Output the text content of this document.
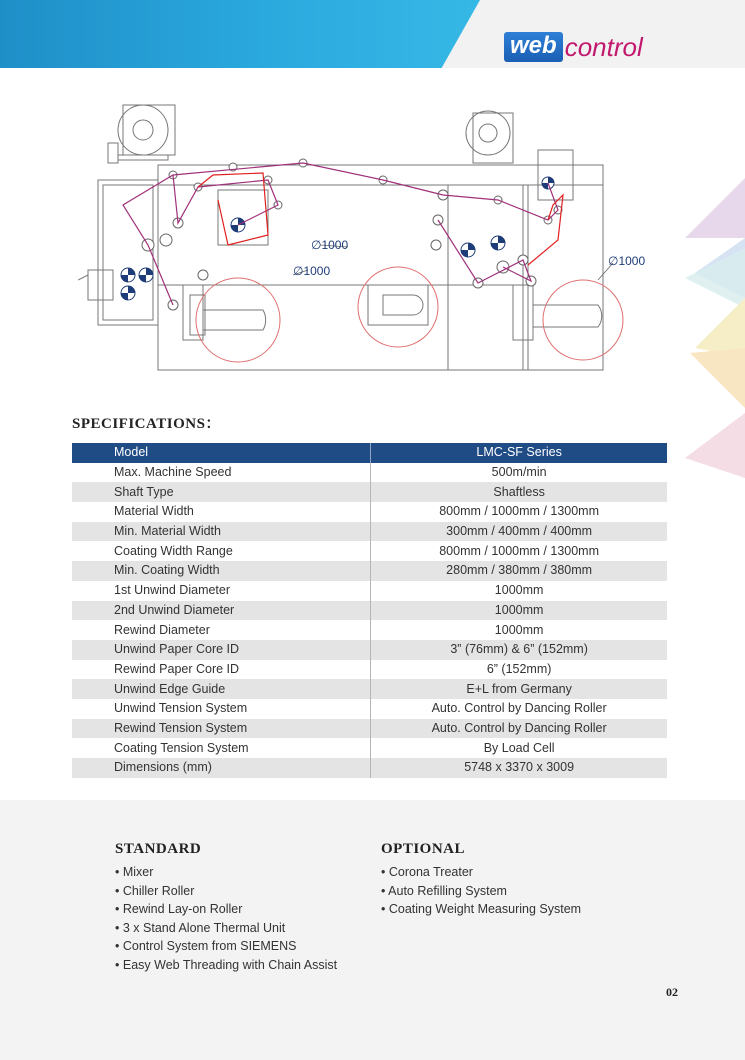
web control
∅1000
∅1000
∅1000
SPECIFICATIONS：
Model	LMC-SF Series
Max. Machine Speed	500m/min
Shaft Type	Shaftless
Material Width	800mm / 1000mm / 1300mm
Min. Material Width	300mm / 400mm / 400mm
Coating Width Range	800mm / 1000mm / 1300mm
Min. Coating Width	280mm / 380mm / 380mm
1st Unwind Diameter	1000mm
2nd Unwind Diameter	1000mm
Rewind Diameter	1000mm
Unwind Paper Core ID	3” (76mm) & 6” (152mm)
Rewind Paper Core ID	6” (152mm)
Unwind Edge Guide	E+L from Germany
Unwind Tension System	Auto. Control by Dancing Roller
Rewind Tension System	Auto. Control by Dancing Roller
Coating Tension System	By Load Cell
Dimensions (mm)	5748 x 3370 x 3009
STANDARD
• Mixer
• Chiller Roller
• Rewind Lay-on Roller
• 3 x Stand Alone Thermal Unit
• Control System from SIEMENS
• Easy Web Threading with Chain Assist
OPTIONAL
• Corona Treater
• Auto Refilling System
• Coating Weight Measuring System
02
